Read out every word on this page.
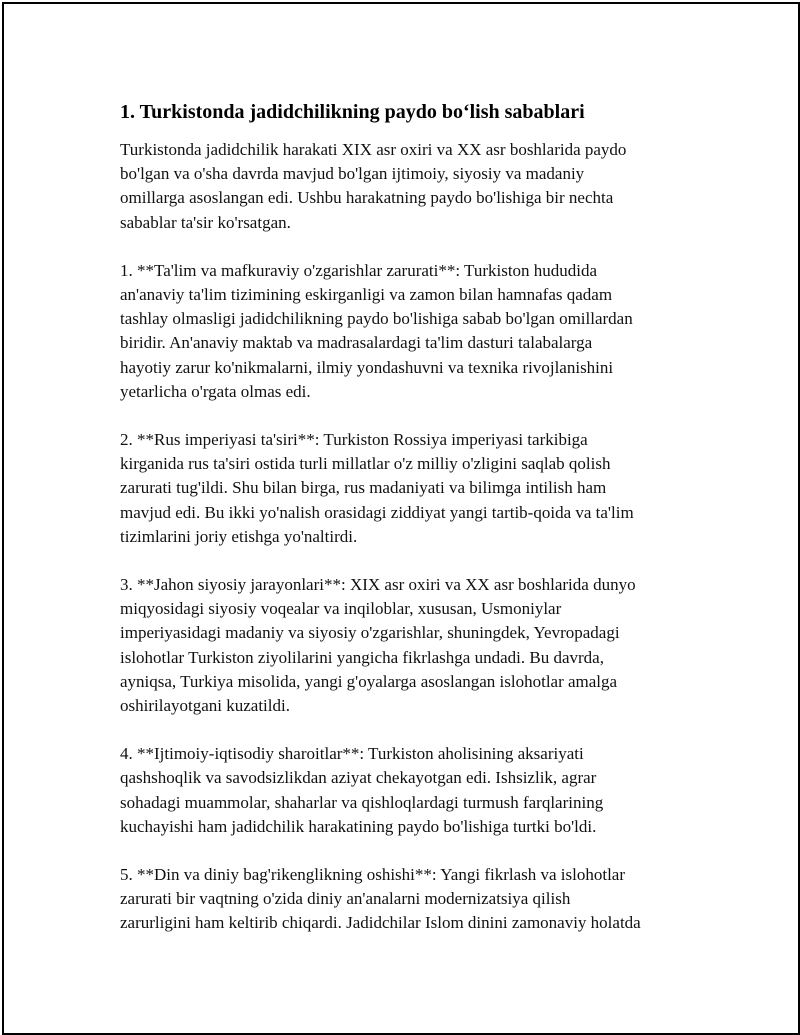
1. Turkistonda jadidchilikning paydo bo‘lish sabablari

Turkistonda jadidchilik harakati XIX asr oxiri va XX asr boshlarida paydo
bo'lgan va o'sha davrda mavjud bo'lgan ijtimoiy, siyosiy va madaniy
omillarga asoslangan edi. Ushbu harakatning paydo bo'lishiga bir nechta
sabablar ta'sir ko'rsatgan.

1. **Ta'lim va mafkuraviy o'zgarishlar zarurati**: Turkiston hududida
an'anaviy ta'lim tizimining eskirganligi va zamon bilan hamnafas qadam
tashlay olmasligi jadidchilikning paydo bo'lishiga sabab bo'lgan omillardan
biridir. An'anaviy maktab va madrasalardagi ta'lim dasturi talabalarga
hayotiy zarur ko'nikmalarni, ilmiy yondashuvni va texnika rivojlanishini
yetarlicha o'rgata olmas edi.

2. **Rus imperiyasi ta'siri**: Turkiston Rossiya imperiyasi tarkibiga
kirganida rus ta'siri ostida turli millatlar o'z milliy o'zligini saqlab qolish
zarurati tug'ildi. Shu bilan birga, rus madaniyati va bilimga intilish ham
mavjud edi. Bu ikki yo'nalish orasidagi ziddiyat yangi tartib-qoida va ta'lim
tizimlarini joriy etishga yo'naltirdi.

3. **Jahon siyosiy jarayonlari**: XIX asr oxiri va XX asr boshlarida dunyo
miqyosidagi siyosiy voqealar va inqiloblar, xususan, Usmoniylar
imperiyasidagi madaniy va siyosiy o'zgarishlar, shuningdek, Yevropadagi
islohotlar Turkiston ziyolilarini yangicha fikrlashga undadi. Bu davrda,
ayniqsa, Turkiya misolida, yangi g'oyalarga asoslangan islohotlar amalga
oshirilayotgani kuzatildi.

4. **Ijtimoiy-iqtisodiy sharoitlar**: Turkiston aholisining aksariyati
qashshoqlik va savodsizlikdan aziyat chekayotgan edi. Ishsizlik, agrar
sohadagi muammolar, shaharlar va qishloqlardagi turmush farqlarining
kuchayishi ham jadidchilik harakatining paydo bo'lishiga turtki bo'ldi.

5. **Din va diniy bag'rikenglikning oshishi**: Yangi fikrlash va islohotlar
zarurati bir vaqtning o'zida diniy an'analarni modernizatsiya qilish
zarurligini ham keltirib chiqardi. Jadidchilar Islom dinini zamonaviy holatda
